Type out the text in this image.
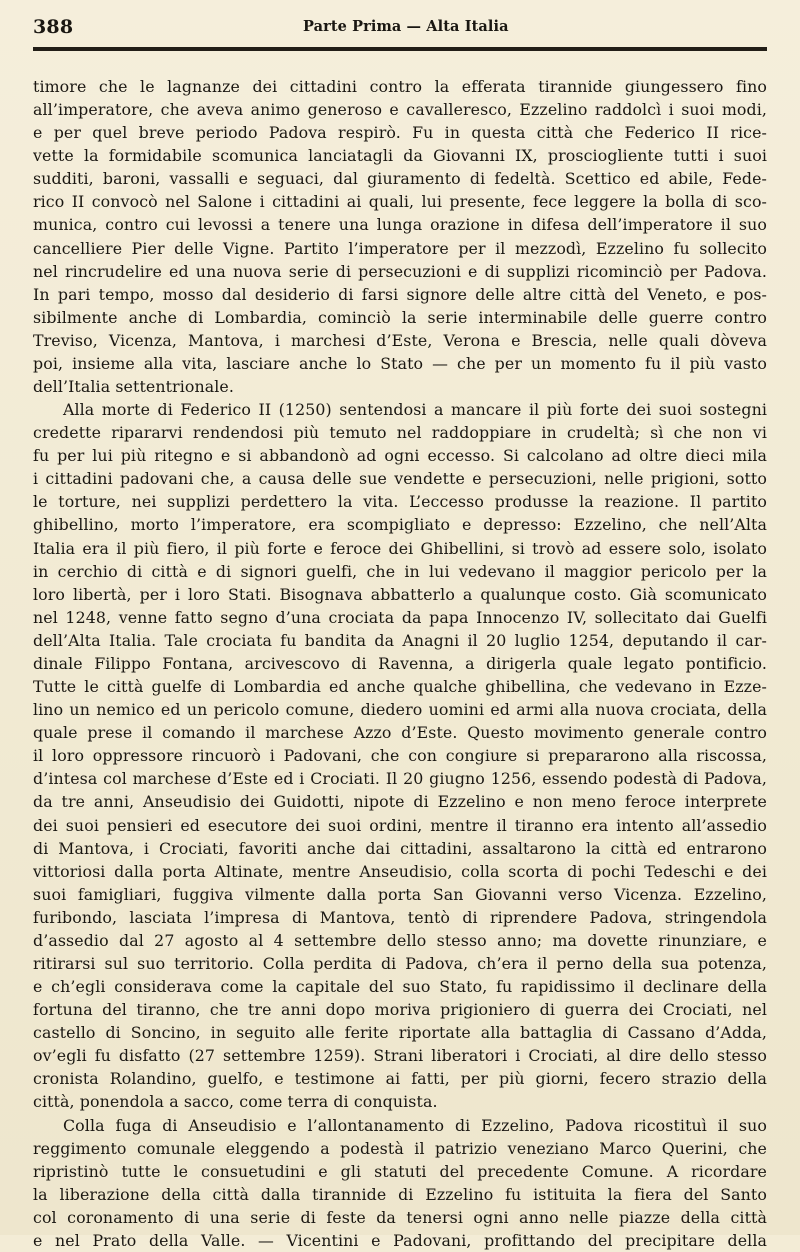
388	Parte Prima — Alta Italia
timore che le lagnanze dei cittadini contro la efferata tirannide giungessero fino
all’imperatore, che aveva animo generoso e cavalleresco, Ezzelino raddolcì i suoi modi,
e per quel breve periodo Padova respirò. Fu in questa città che Federico II rice-
vette la formidabile scomunica lanciatagli da Giovanni IX, prosciogliente tutti i suoi
sudditi, baroni, vassalli e seguaci, dal giuramento di fedeltà. Scettico ed abile, Fede-
rico II convocò nel Salone i cittadini ai quali, lui presente, fece leggere la bolla di sco-
munica, contro cui levossi a tenere una lunga orazione in difesa dell’imperatore il suo
cancelliere Pier delle Vigne. Partito l’imperatore per il mezzodì, Ezzelino fu sollecito
nel rincrudelire ed una nuova serie di persecuzioni e di supplizi ricominciò per Padova.
In pari tempo, mosso dal desiderio di farsi signore delle altre città del Veneto, e pos-
sibilmente anche di Lombardia, cominciò la serie interminabile delle guerre contro
Treviso, Vicenza, Mantova, i marchesi d’Este, Verona e Brescia, nelle quali dòveva
poi, insieme alla vita, lasciare anche lo Stato — che per un momento fu il più vasto
dell’Italia settentrionale.
Alla morte di Federico II (1250) sentendosi a mancare il più forte dei suoi sostegni
credette ripararvi rendendosi più temuto nel raddoppiare in crudeltà; sì che non vi
fu per lui più ritegno e si abbandonò ad ogni eccesso. Si calcolano ad oltre dieci mila
i cittadini padovani che, a causa delle sue vendette e persecuzioni, nelle prigioni, sotto
le torture, nei supplizi perdettero la vita. L’eccesso produsse la reazione. Il partito
ghibellino, morto l’imperatore, era scompigliato e depresso: Ezzelino, che nell’Alta
Italia era il più fiero, il più forte e feroce dei Ghibellini, si trovò ad essere solo, isolato
in cerchio di città e di signori guelfi, che in lui vedevano il maggior pericolo per la
loro libertà, per i loro Stati. Bisognava abbatterlo a qualunque costo. Già scomunicato
nel 1248, venne fatto segno d’una crociata da papa Innocenzo IV, sollecitato dai Guelfi
dell’Alta Italia. Tale crociata fu bandita da Anagni il 20 luglio 1254, deputando il car-
dinale Filippo Fontana, arcivescovo di Ravenna, a dirigerla quale legato pontificio.
Tutte le città guelfe di Lombardia ed anche qualche ghibellina, che vedevano in Ezze-
lino un nemico ed un pericolo comune, diedero uomini ed armi alla nuova crociata, della
quale prese il comando il marchese Azzo d’Este. Questo movimento generale contro
il loro oppressore rincuorò i Padovani, che con congiure si prepararono alla riscossa,
d’intesa col marchese d’Este ed i Crociati. Il 20 giugno 1256, essendo podestà di Padova,
da tre anni, Anseudisio dei Guidotti, nipote di Ezzelino e non meno feroce interprete
dei suoi pensieri ed esecutore dei suoi ordini, mentre il tiranno era intento all’assedio
di Mantova, i Crociati, favoriti anche dai cittadini, assaltarono la città ed entrarono
vittoriosi dalla porta Altinate, mentre Anseudisio, colla scorta di pochi Tedeschi e dei
suoi famigliari, fuggiva vilmente dalla porta San Giovanni verso Vicenza. Ezzelino,
furibondo, lasciata l’impresa di Mantova, tentò di riprendere Padova, stringendola
d’assedio dal 27 agosto al 4 settembre dello stesso anno; ma dovette rinunziare, e
ritirarsi sul suo territorio. Colla perdita di Padova, ch’era il perno della sua potenza,
e ch’egli considerava come la capitale del suo Stato, fu rapidissimo il declinare della
fortuna del tiranno, che tre anni dopo moriva prigioniero di guerra dei Crociati, nel
castello di Soncino, in seguito alle ferite riportate alla battaglia di Cassano d’Adda,
ov’egli fu disfatto (27 settembre 1259). Strani liberatori i Crociati, al dire dello stesso
cronista Rolandino, guelfo, e testimone ai fatti, per più giorni, fecero strazio della
città, ponendola a sacco, come terra di conquista.
Colla fuga di Anseudisio e l’allontanamento di Ezzelino, Padova ricostituì il suo
reggimento comunale eleggendo a podestà il patrizio veneziano Marco Querini, che
ripristinò tutte le consuetudini e gli statuti del precedente Comune. A ricordare
la liberazione della città dalla tirannide di Ezzelino fu istituita la fiera del Santo
col coronamento di una serie di feste da tenersi ogni anno nelle piazze della città
e nel Prato della Valle. — Vicentini e Padovani, profittando del precipitare della
